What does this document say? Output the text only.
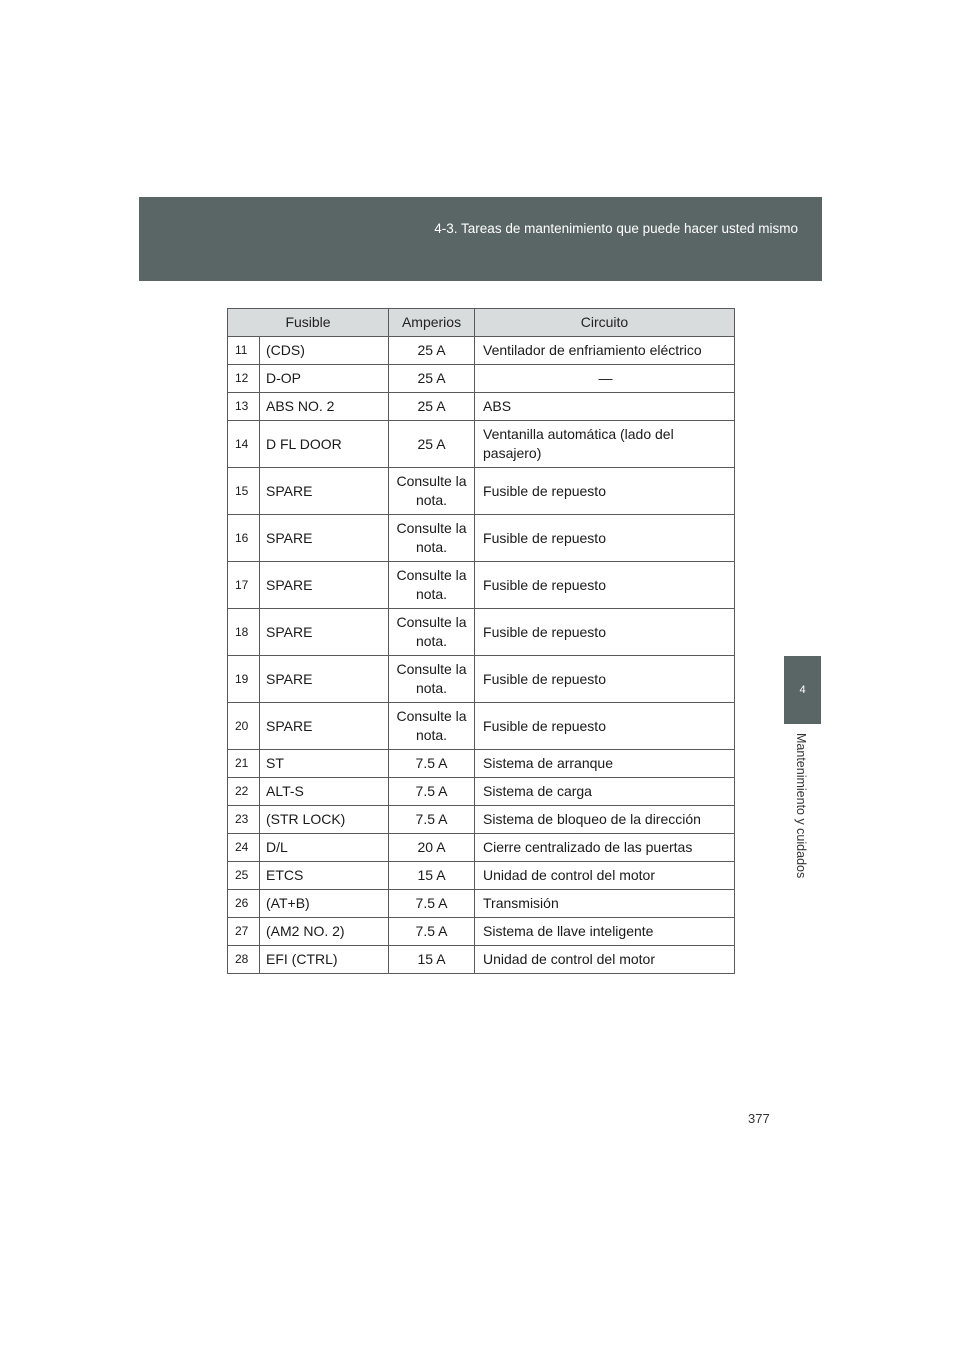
4-3. Tareas de mantenimiento que puede hacer usted mismo
4
Mantenimiento y cuidados
Fusible		Amperios	Circuito
11	(CDS)	25 A	Ventilador de enfriamiento eléctrico
12	D-OP	25 A	—
13	ABS NO. 2	25 A	ABS
14	D FL DOOR	25 A	Ventanilla automática (lado del pasajero)
15	SPARE	Consulte la nota.	Fusible de repuesto
16	SPARE	Consulte la nota.	Fusible de repuesto
17	SPARE	Consulte la nota.	Fusible de repuesto
18	SPARE	Consulte la nota.	Fusible de repuesto
19	SPARE	Consulte la nota.	Fusible de repuesto
20	SPARE	Consulte la nota.	Fusible de repuesto
21	ST	7.5 A	Sistema de arranque
22	ALT-S	7.5 A	Sistema de carga
23	(STR LOCK)	7.5 A	Sistema de bloqueo de la dirección
24	D/L	20 A	Cierre centralizado de las puertas
25	ETCS	15 A	Unidad de control del motor
26	(AT+B)	7.5 A	Transmisión
27	(AM2 NO. 2)	7.5 A	Sistema de llave inteligente
28	EFI (CTRL)	15 A	Unidad de control del motor
377
